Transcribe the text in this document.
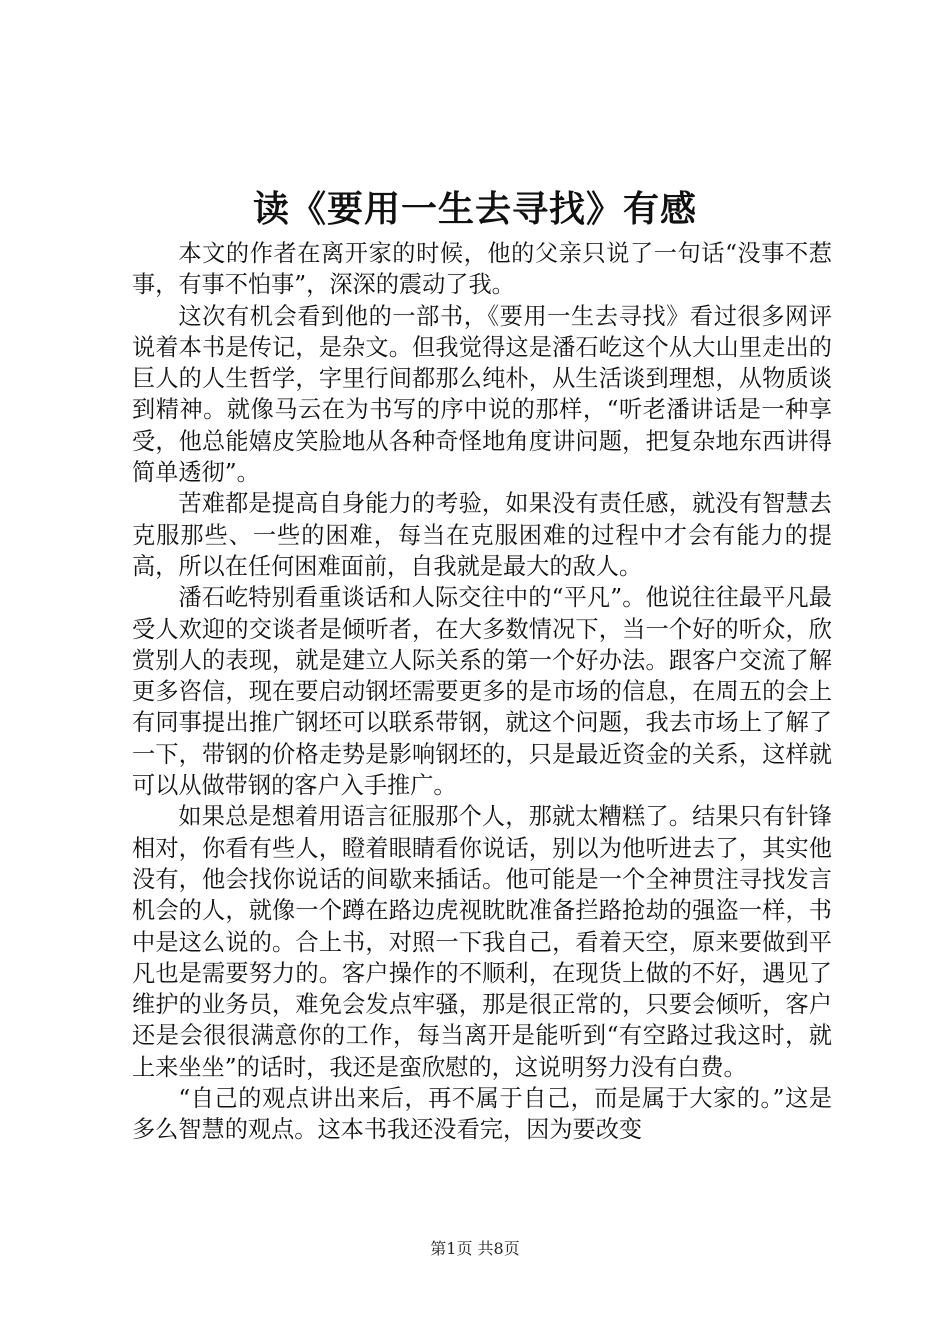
读《要用一生去寻找》有感

本文的作者在离开家的时候，他的父亲只说了一句话“没事不惹事，有事不怕事”，深深的震动了我。

这次有机会看到他的一部书，《要用一生去寻找》看过很多网评说着本书是传记，是杂文。但我觉得这是潘石屹这个从大山里走出的巨人的人生哲学，字里行间都那么纯朴，从生活谈到理想，从物质谈到精神。就像马云在为书写的序中说的那样，“听老潘讲话是一种享受，他总能嬉皮笑脸地从各种奇怪地角度讲问题，把复杂地东西讲得简单透彻”。

苦难都是提高自身能力的考验，如果没有责任感，就没有智慧去克服那些、一些的困难，每当在克服困难的过程中才会有能力的提高，所以在任何困难面前，自我就是最大的敌人。

潘石屹特别看重谈话和人际交往中的“平凡”。他说往往最平凡最受人欢迎的交谈者是倾听者，在大多数情况下，当一个好的听众，欣赏别人的表现，就是建立人际关系的第一个好办法。跟客户交流了解更多咨信，现在要启动钢坯需要更多的是市场的信息，在周五的会上有同事提出推广钢坯可以联系带钢，就这个问题，我去市场上了解了一下，带钢的价格走势是影响钢坯的，只是最近资金的关系，这样就可以从做带钢的客户入手推广。

如果总是想着用语言征服那个人，那就太糟糕了。结果只有针锋相对，你看有些人，瞪着眼睛看你说话，别以为他听进去了，其实他没有，他会找你说话的间歇来插话。他可能是一个全神贯注寻找发言机会的人，就像一个蹲在路边虎视眈眈准备拦路抢劫的强盗一样，书中是这么说的。合上书，对照一下我自己，看着天空，原来要做到平凡也是需要努力的。客户操作的不顺利，在现货上做的不好，遇见了维护的业务员，难免会发点牢骚，那是很正常的，只要会倾听，客户还是会很很满意你的工作，每当离开是能听到“有空路过我这时，就上来坐坐”的话时，我还是蛮欣慰的，这说明努力没有白费。

“自己的观点讲出来后，再不属于自己，而是属于大家的。”这是多么智慧的观点。这本书我还没看完，因为要改变

第1页 共8页
